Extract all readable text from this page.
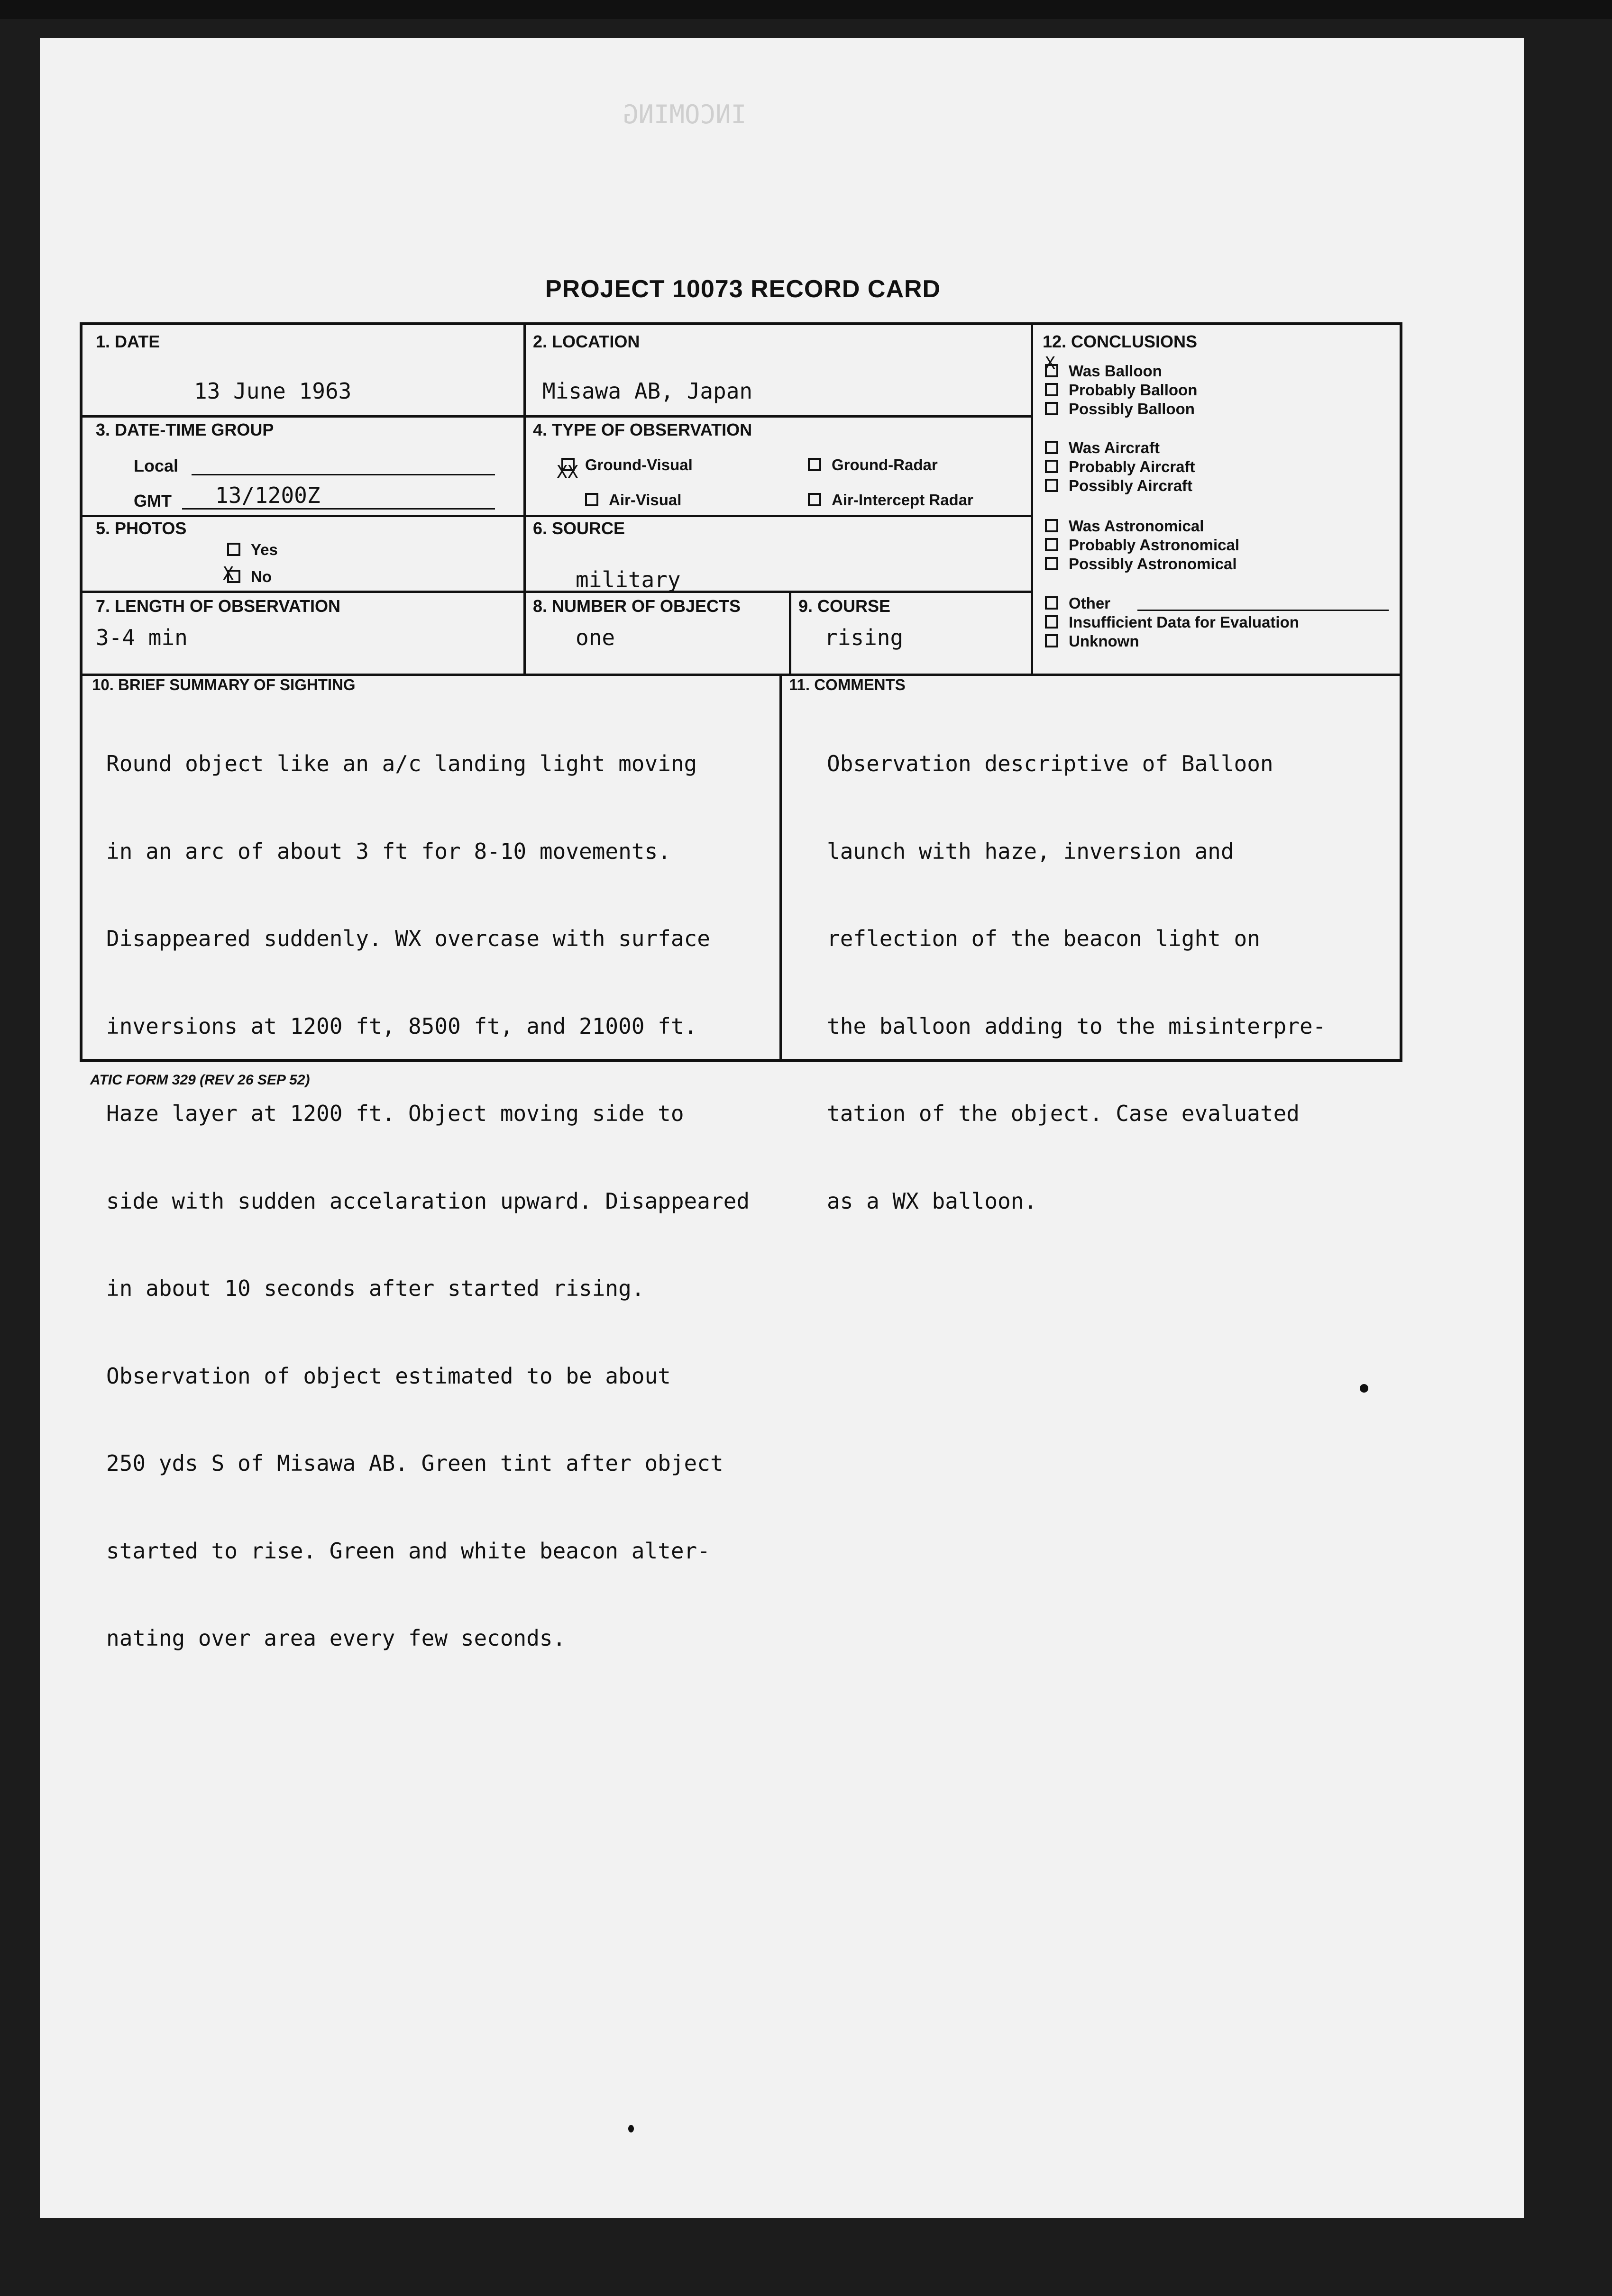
INCOMING
PROJECT 10073 RECORD CARD
1. DATE
13 June 1963
2. LOCATION
Misawa AB, Japan
3. DATE-TIME GROUP
Local
GMT 13/1200Z
4. TYPE OF OBSERVATION
Ground-Visual
XX	Ground-Radar
Air-Visual	Air-Intercept Radar
5. PHOTOS
Yes
No
X
6. SOURCE
military
7. LENGTH OF OBSERVATION
3-4 min
8. NUMBER OF OBJECTS
one
9. COURSE
rising
12. CONCLUSIONS
X Was Balloon
Probably Balloon
Possibly Balloon
Was Aircraft
Probably Aircraft
Possibly Aircraft
Was Astronomical
Probably Astronomical
Possibly Astronomical
Other
Insufficient Data for Evaluation
Unknown
10. BRIEF SUMMARY OF SIGHTING

Round object like an a/c landing light moving

in an arc of about 3 ft for 8-10 movements.

Disappeared suddenly. WX overcase with surface

inversions at 1200 ft, 8500 ft, and 21000 ft.

Haze layer at 1200 ft. Object moving side to

side with sudden accelaration upward. Disappeared

in about 10 seconds after started rising.

Observation of object estimated to be about

250 yds S of Misawa AB. Green tint after object

started to rise. Green and white beacon alter-

nating over area every few seconds.

11. COMMENTS

Observation descriptive of Balloon

launch with haze, inversion and

reflection of the beacon light on

the balloon adding to the misinterpre-

tation of the object. Case evaluated

as a WX balloon.

ATIC FORM 329 (REV 26 SEP 52)
